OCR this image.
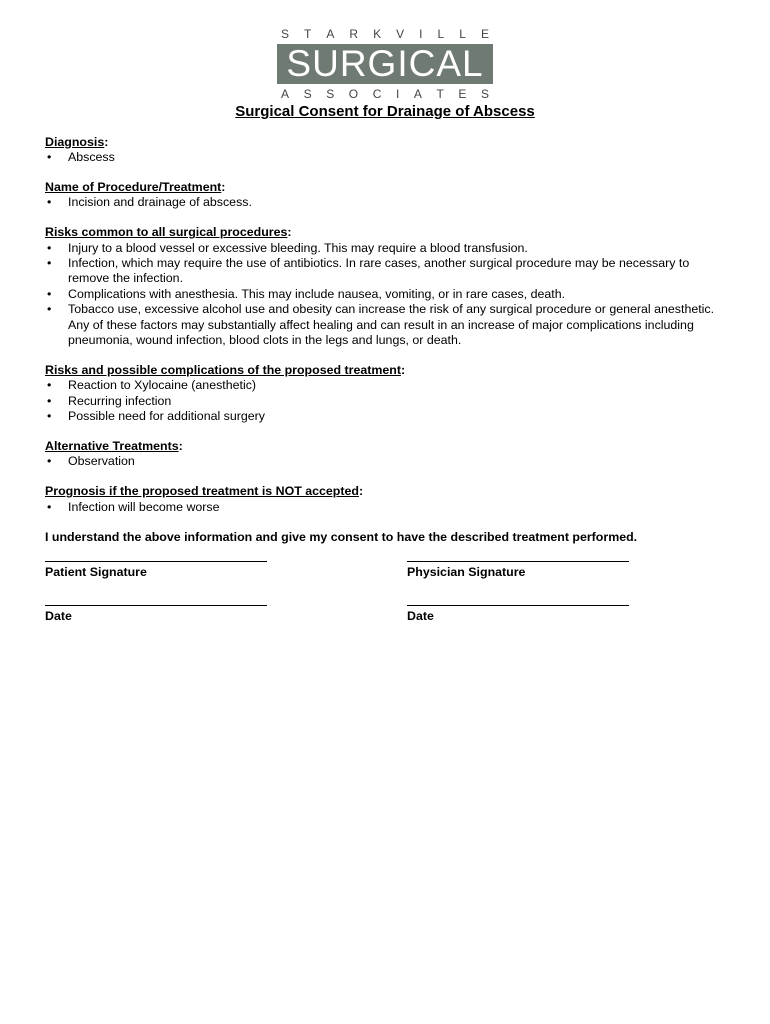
S T A R K V I L L E
SURGICAL
A S S O C I A T E S
Surgical Consent for Drainage of Abscess
Diagnosis:
• Abscess
Name of Procedure/Treatment:
• Incision and drainage of abscess.
Risks common to all surgical procedures:
• Injury to a blood vessel or excessive bleeding. This may require a blood transfusion.
• Infection, which may require the use of antibiotics. In rare cases, another surgical procedure may be necessary to remove the infection.
• Complications with anesthesia. This may include nausea, vomiting, or in rare cases, death.
• Tobacco use, excessive alcohol use and obesity can increase the risk of any surgical procedure or general anesthetic. Any of these factors may substantially affect healing and can result in an increase of major complications including pneumonia, wound infection, blood clots in the legs and lungs, or death.
Risks and possible complications of the proposed treatment:
• Reaction to Xylocaine (anesthetic)
• Recurring infection
• Possible need for additional surgery
Alternative Treatments:
• Observation
Prognosis if the proposed treatment is NOT accepted:
• Infection will become worse
I understand the above information and give my consent to have the described treatment performed.
Patient Signature	Physician Signature
Date	Date
